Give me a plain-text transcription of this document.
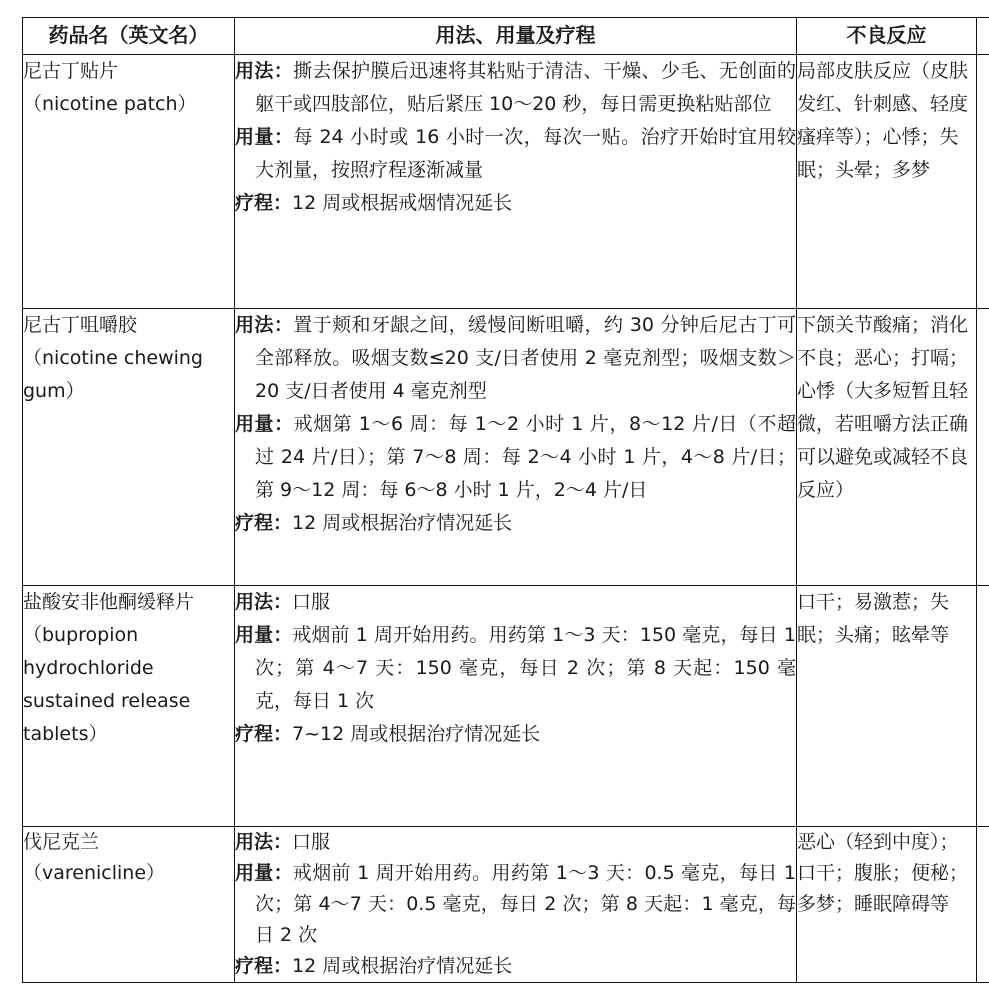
药品名（英文名）	用法、用量及疗程	不良反应	

尼古丁贴片
（nicotine patch）	用法：撕去保护膜后迅速将其粘贴于清洁、干燥、少毛、无创面的躯干或四肢部位，贴后紧压 10～20 秒，每日需更换粘贴部位
用量：每 24 小时或 16 小时一次，每次一贴。治疗开始时宜用较大剂量，按照疗程逐渐减量
疗程：12 周或根据戒烟情况延长	局部皮肤反应（皮肤发红、针刺感、轻度瘙痒等）；心悸；失眠；头晕；多梦	

尼古丁咀嚼胶
（nicotine chewing gum）	用法：置于颊和牙龈之间，缓慢间断咀嚼，约 30 分钟后尼古丁可全部释放。吸烟支数≤20 支/日者使用 2 毫克剂型；吸烟支数＞20 支/日者使用 4 毫克剂型
用量：戒烟第 1～6 周：每 1～2 小时 1 片，8～12 片/日（不超过 24 片/日）；第 7～8 周：每 2～4 小时 1 片，4～8 片/日；第 9～12 周：每 6～8 小时 1 片，2～4 片/日
疗程：12 周或根据治疗情况延长	下颌关节酸痛；消化不良；恶心；打嗝；心悸（大多短暂且轻微，若咀嚼方法正确可以避免或减轻不良反应）	

盐酸安非他酮缓释片
（bupropion hydrochloride sustained release tablets）	用法：口服
用量：戒烟前 1 周开始用药。用药第 1～3 天：150 毫克，每日 1 次；第 4～7 天：150 毫克，每日 2 次；第 8 天起：150 毫克，每日 1 次
疗程：7~12 周或根据治疗情况延长	口干；易激惹；失眠；头痛；眩晕等	

伐尼克兰
（varenicline）	用法：口服
用量：戒烟前 1 周开始用药。用药第 1～3 天：0.5 毫克，每日 1 次；第 4～7 天：0.5 毫克，每日 2 次；第 8 天起：1 毫克，每日 2 次
疗程：12 周或根据治疗情况延长	恶心（轻到中度）；口干；腹胀；便秘；多梦；睡眠障碍等	
